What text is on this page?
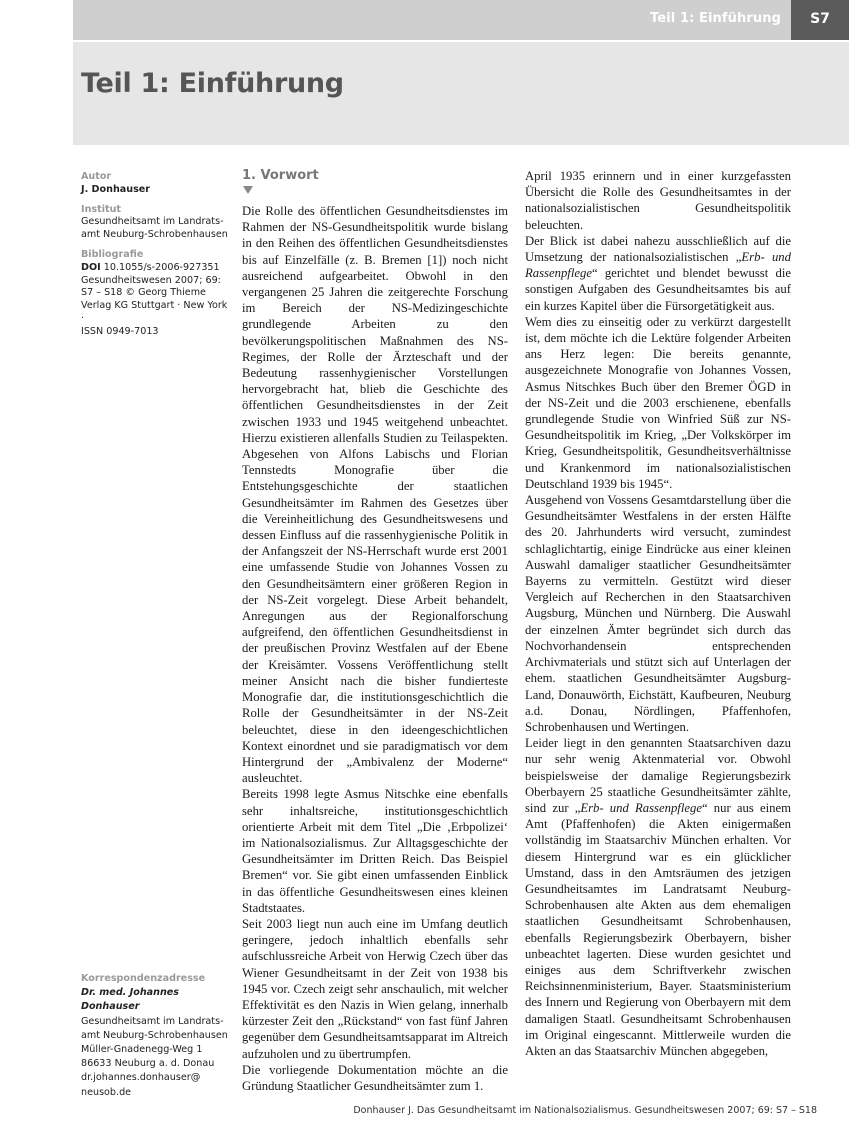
Teil 1: Einführung	S7
Teil 1: Einführung
Autor
J. Donhauser
Institut
Gesundheitsamt im Landrats-amt Neuburg-Schrobenhausen
Bibliografie
DOI 10.1055/s-2006-927351
Gesundheitswesen 2007; 69: S7 – S18 © Georg Thieme Verlag KG Stuttgart · New York ·
ISSN 0949-7013
Korrespondenzadresse
Dr. med. Johannes Donhauser
Gesundheitsamt im Landrats-
amt Neuburg-Schrobenhausen
Müller-Gnadenegg-Weg 1
86633 Neuburg a. d. Donau
dr.johannes.donhauser@
neusob.de
1. Vorwort

Die Rolle des öffentlichen Gesundheitsdienstes im Rahmen der NS-Gesundheitspolitik wurde bislang in den Reihen des öffentlichen Gesundheitsdienstes bis auf Einzelfälle (z. B. Bremen [1]) noch nicht ausreichend aufgearbeitet. Obwohl in den vergangenen 25 Jahren die zeitgerechte Forschung im Bereich der NS-Medizingeschichte grundlegende Arbeiten zu den bevölkerungspolitischen Maßnahmen des NS-Regimes, der Rolle der Ärzteschaft und der Bedeutung rassenhygienischer Vorstellungen hervorgebracht hat, blieb die Geschichte des öffentlichen Gesundheitsdienstes in der Zeit zwischen 1933 und 1945 weitgehend unbeachtet. Hierzu existieren allenfalls Studien zu Teilaspekten. Abgesehen von Alfons Labischs und Florian Tennstedts Monografie über die Entstehungsgeschichte der staatlichen Gesundheitsämter im Rahmen des Gesetzes über die Vereinheitlichung des Gesundheitswesens und dessen Einfluss auf die rassenhygienische Politik in der Anfangszeit der NS-Herrschaft wurde erst 2001 eine umfassende Studie von Johannes Vossen zu den Gesundheitsämtern einer größeren Region in der NS-Zeit vorgelegt. Diese Arbeit behandelt, Anregungen aus der Regionalforschung aufgreifend, den öffentlichen Gesundheitsdienst in der preußischen Provinz Westfalen auf der Ebene der Kreisämter. Vossens Veröffentlichung stellt meiner Ansicht nach die bisher fundierteste Monografie dar, die institutionsgeschichtlich die Rolle der Gesundheitsämter in der NS-Zeit beleuchtet, diese in den ideengeschichtlichen Kontext einordnet und sie paradigmatisch vor dem Hintergrund der „Ambivalenz der Moderne“ ausleuchtet.

Bereits 1998 legte Asmus Nitschke eine ebenfalls sehr inhaltsreiche, institutionsgeschichtlich orientierte Arbeit mit dem Titel „Die ‚Erbpolizei‘ im Nationalsozialismus. Zur Alltagsgeschichte der Gesundheitsämter im Dritten Reich. Das Beispiel Bremen“ vor. Sie gibt einen umfassenden Einblick in das öffentliche Gesundheitswesen eines kleinen Stadtstaates.

Seit 2003 liegt nun auch eine im Umfang deutlich geringere, jedoch inhaltlich ebenfalls sehr aufschlussreiche Arbeit von Herwig Czech über das Wiener Gesundheitsamt in der Zeit von 1938 bis 1945 vor. Czech zeigt sehr anschaulich, mit welcher Effektivität es den Nazis in Wien gelang, innerhalb kürzester Zeit den „Rückstand“ von fast fünf Jahren gegenüber dem Gesundheitsamtsapparat im Altreich aufzuholen und zu übertrumpfen.

Die vorliegende Dokumentation möchte an die Gründung Staatlicher Gesundheitsämter zum 1.

April 1935 erinnern und in einer kurzgefassten Übersicht die Rolle des Gesundheitsamtes in der nationalsozialistischen Gesundheitspolitik beleuchten.

Der Blick ist dabei nahezu ausschließlich auf die Umsetzung der nationalsozialistischen „Erb- und Rassenpflege“ gerichtet und blendet bewusst die sonstigen Aufgaben des Gesundheitsamtes bis auf ein kurzes Kapitel über die Fürsorgetätigkeit aus.

Wem dies zu einseitig oder zu verkürzt dargestellt ist, dem möchte ich die Lektüre folgender Arbeiten ans Herz legen: Die bereits genannte, ausgezeichnete Monografie von Johannes Vossen, Asmus Nitschkes Buch über den Bremer ÖGD in der NS-Zeit und die 2003 erschienene, ebenfalls grundlegende Studie von Winfried Süß zur NS-Gesundheitspolitik im Krieg, „Der Volkskörper im Krieg, Gesundheitspolitik, Gesundheitsverhältnisse und Krankenmord im nationalsozialistischen Deutschland 1939 bis 1945“.

Ausgehend von Vossens Gesamtdarstellung über die Gesundheitsämter Westfalens in der ersten Hälfte des 20. Jahrhunderts wird versucht, zumindest schlaglichtartig, einige Eindrücke aus einer kleinen Auswahl damaliger staatlicher Gesundheitsämter Bayerns zu vermitteln. Gestützt wird dieser Vergleich auf Recherchen in den Staatsarchiven Augsburg, München und Nürnberg. Die Auswahl der einzelnen Ämter begründet sich durch das Nochvorhandensein entsprechenden Archivmaterials und stützt sich auf Unterlagen der ehem. staatlichen Gesundheitsämter Augsburg-Land, Donauwörth, Eichstätt, Kaufbeuren, Neuburg a.d. Donau, Nördlingen, Pfaffenhofen, Schrobenhausen und Wertingen.

Leider liegt in den genannten Staatsarchiven dazu nur sehr wenig Aktenmaterial vor. Obwohl beispielsweise der damalige Regierungsbezirk Oberbayern 25 staatliche Gesundheitsämter zählte, sind zur „Erb- und Rassenpflege“ nur aus einem Amt (Pfaffenhofen) die Akten einigermaßen vollständig im Staatsarchiv München erhalten. Vor diesem Hintergrund war es ein glücklicher Umstand, dass in den Amtsräumen des jetzigen Gesundheitsamtes im Landratsamt Neuburg-Schrobenhausen alte Akten aus dem ehemaligen staatlichen Gesundheitsamt Schrobenhausen, ebenfalls Regierungsbezirk Oberbayern, bisher unbeachtet lagerten. Diese wurden gesichtet und einiges aus dem Schriftverkehr zwischen Reichsinnenministerium, Bayer. Staatsministerium des Innern und Regierung von Oberbayern mit dem damaligen Staatl. Gesundheitsamt Schrobenhausen im Original eingescannt. Mittlerweile wurden die Akten an das Staatsarchiv München abgegeben,

Donhauser J. Das Gesundheitsamt im Nationalsozialismus. Gesundheitswesen 2007; 69: S7 – S18
